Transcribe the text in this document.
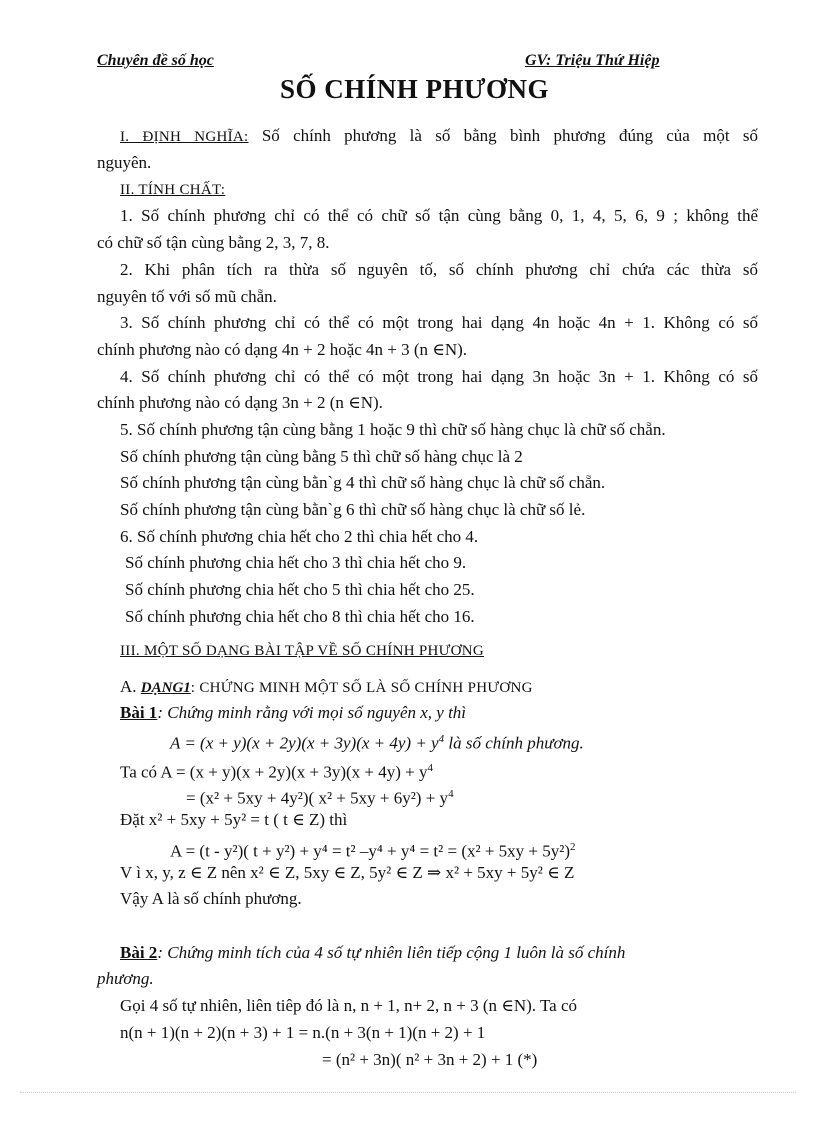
Chuyên đề số học	GV: Triệu Thứ Hiệp
SỐ CHÍNH PHƯƠNG
I. ĐỊNH NGHĨA: Số chính phương là số bằng bình phương đúng của một số
nguyên.
II. TÍNH CHẤT:
1. Số chính phương chỉ có thể có chữ số tận cùng bằng 0, 1, 4, 5, 6, 9 ; không thể
có chữ số tận cùng bằng 2, 3, 7, 8.
2. Khi phân tích ra thừa số nguyên tố, số chính phương chỉ chứa các thừa số
nguyên tố với số mũ chẵn.
3. Số chính phương chỉ có thể có một trong hai dạng 4n hoặc 4n + 1. Không có số
chính phương nào có dạng 4n + 2 hoặc 4n + 3 (n ∈N).
4. Số chính phương chỉ có thể có một trong hai dạng 3n hoặc 3n + 1. Không có số
chính phương nào có dạng 3n + 2 (n ∈N).
5. Số chính phương tận cùng bằng 1 hoặc 9 thì chữ số hàng chục là chữ số chẵn.
Số chính phương tận cùng bằng 5 thì chữ số hàng chục là 2
Số chính phương tận cùng bằn`g 4 thì chữ số hàng chục là chữ số chẵn.
Số chính phương tận cùng bằn`g 6 thì chữ số hàng chục là chữ số lẻ.
6. Số chính phương chia hết cho 2 thì chia hết cho 4.
Số chính phương chia hết cho 3 thì chia hết cho 9.
Số chính phương chia hết cho 5 thì chia hết cho 25.
Số chính phương chia hết cho 8 thì chia hết cho 16.
III. MỘT SỐ DẠNG BÀI TẬP VỀ SỐ CHÍNH PHƯƠNG
A. DẠNG1: CHỨNG MINH MỘT SỐ LÀ SỐ CHÍNH PHƯƠNG
Bài 1: Chứng minh rằng với mọi số nguyên x, y thì
$A = (x + y)(x + 2y)(x + 3y)(x + 4y) + y^4$ là số chính phương.
Ta có $A = (x + y)(x + 2y)(x + 3y)(x + 4y) + y^4$
= (x² + 5xy + 4y²)( $x^2 + 5xy + 6y^2) + y^4$
Đặt x² + 5xy + 5y² = t ( t ∈ Z) thì
A = (t - y²)( t + y²) + y⁴ = t² $-y^4 + y^4 = t^2 = (x^2 + 5xy + 5y^2)^2$
V ì x, y, z ∈ Z nên x² ∈ Z, 5xy ∈ Z, 5y² ∈ Z ⇒ x² + 5xy + 5y² ∈ Z
Vậy A là số chính phương.
Bài 2: Chứng minh tích của 4 số tự nhiên liên tiếp cộng 1 luôn là số chính
phương.
Gọi 4 số tự nhiên, liên tiêp đó là n, n + 1, n+ 2, n + 3 (n ∈N). Ta có
n(n + 1)(n + 2)(n + 3) + 1 = n.(n + 3(n + 1)(n + 2) + 1
= (n² + 3n)( n² + 3n + 2) + 1 (*)
